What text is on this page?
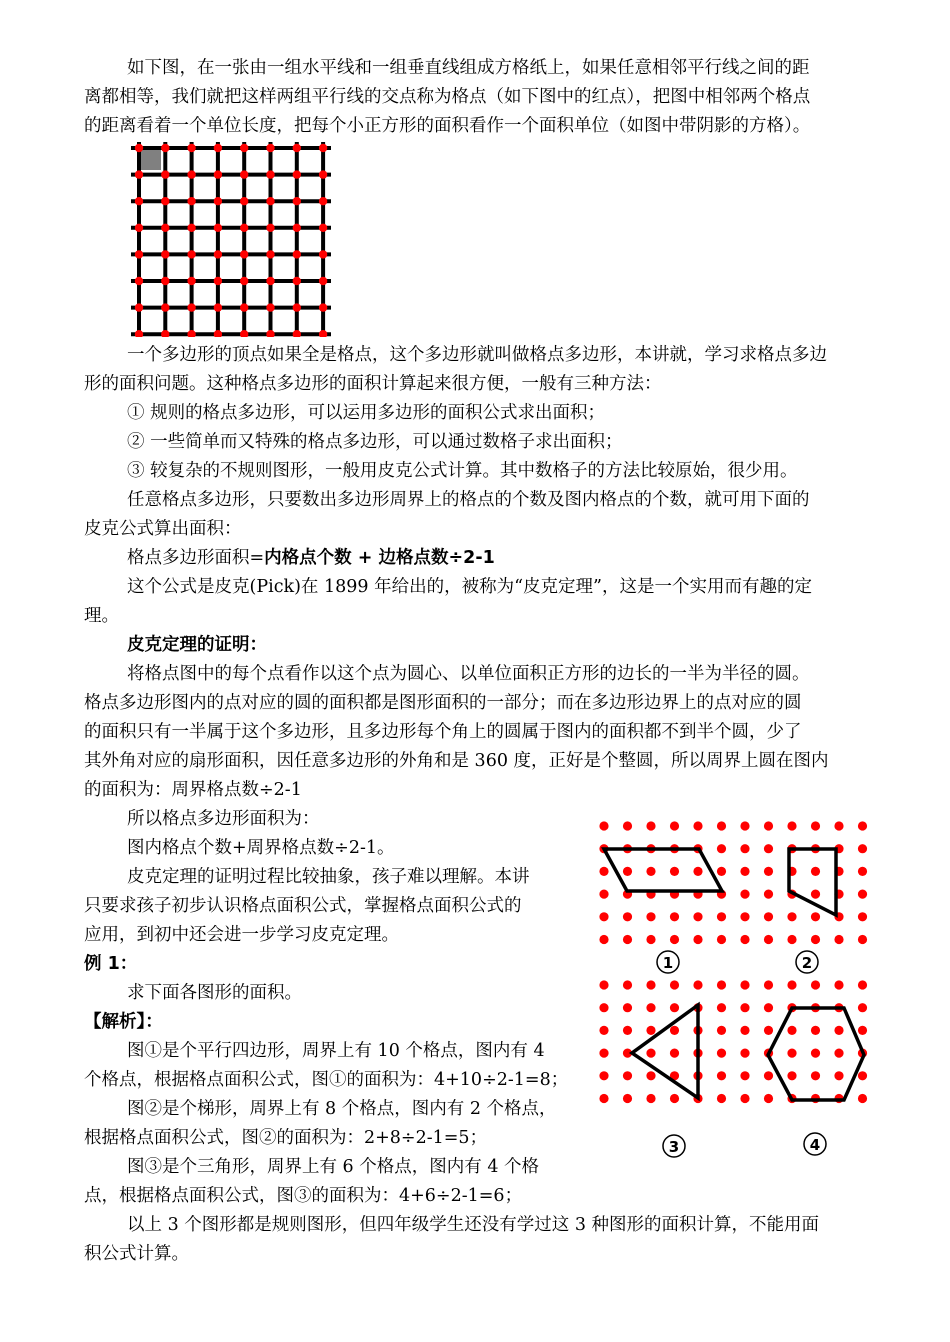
如下图，在一张由一组水平线和一组垂直线组成方格纸上，如果任意相邻平行线之间的距
离都相等，我们就把这样两组平行线的交点称为格点（如下图中的红点），把图中相邻两个格点
的距离看着一个单位长度，把每个小正方形的面积看作一个面积单位（如图中带阴影的方格）。
一个多边形的顶点如果全是格点，这个多边形就叫做格点多边形，本讲就，学习求格点多边
形的面积问题。这种格点多边形的面积计算起来很方便，一般有三种方法：
① 规则的格点多边形，可以运用多边形的面积公式求出面积；
② 一些简单而又特殊的格点多边形，可以通过数格子求出面积；
③ 较复杂的不规则图形，一般用皮克公式计算。其中数格子的方法比较原始，很少用。
任意格点多边形，只要数出多边形周界上的格点的个数及图内格点的个数，就可用下面的
皮克公式算出面积：
格点多边形面积=内格点个数 + 边格点数÷2-1
这个公式是皮克(Pick)在 1899 年给出的，被称为“皮克定理”，这是一个实用而有趣的定
理。
皮克定理的证明：
将格点图中的每个点看作以这个点为圆心、以单位面积正方形的边长的一半为半径的圆。
格点多边形图内的点对应的圆的面积都是图形面积的一部分；而在多边形边界上的点对应的圆
的面积只有一半属于这个多边形，且多边形每个角上的圆属于图内的面积都不到半个圆，少了
其外角对应的扇形面积，因任意多边形的外角和是 360 度，正好是个整圆，所以周界上圆在图内
的面积为：周界格点数÷2-1
所以格点多边形面积为：
图内格点个数+周界格点数÷2-1。
皮克定理的证明过程比较抽象，孩子难以理解。本讲
只要求孩子初步认识格点面积公式，掌握格点面积公式的
应用，到初中还会进一步学习皮克定理。
例 1：
求下面各图形的面积。
【解析】：
图①是个平行四边形，周界上有 10 个格点，图内有 4
个格点，根据格点面积公式，图①的面积为：4+10÷2-1=8；
图②是个梯形，周界上有 8 个格点，图内有 2 个格点，
根据格点面积公式，图②的面积为：2+8÷2-1=5；
图③是个三角形，周界上有 6 个格点，图内有 4 个格
点，根据格点面积公式，图③的面积为：4+6÷2-1=6；
以上 3 个图形都是规则图形，但四年级学生还没有学过这 3 种图形的面积计算，不能用面
积公式计算。
1	2
3	4
